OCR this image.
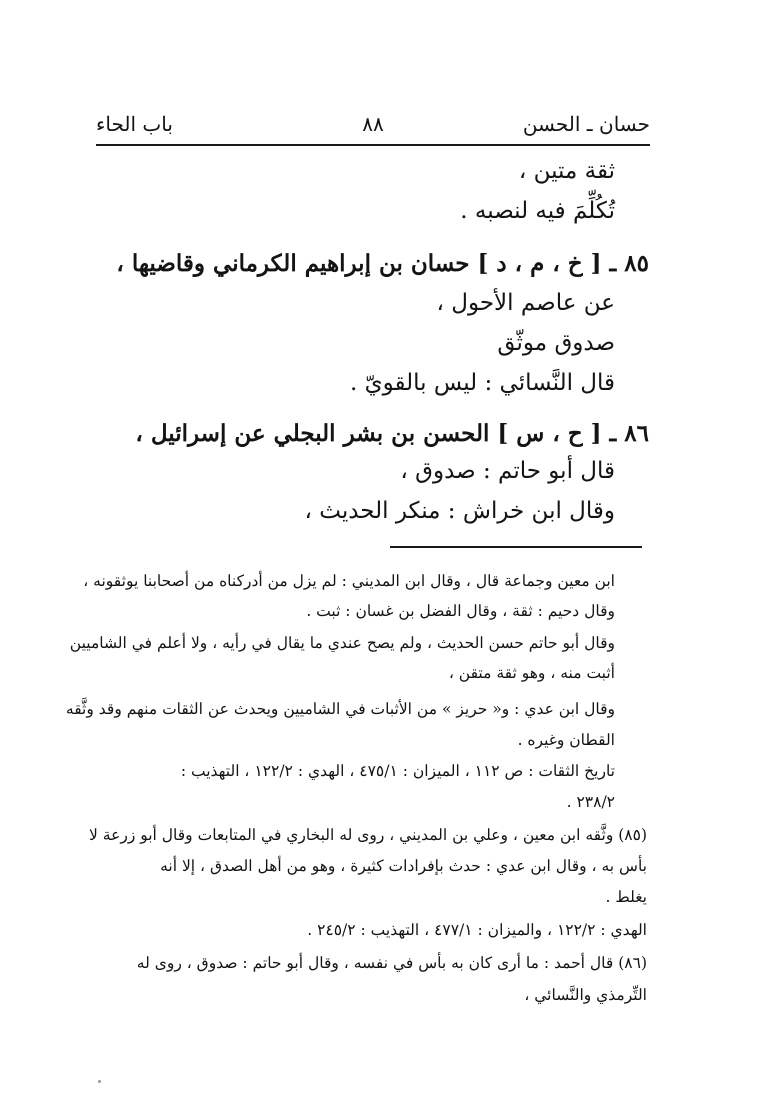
حسان ـ الحسن
٨٨
باب الحاء
ثقة متين ،
تُكُلِّمَ فيه لنصبه .
٨٥ ـ [ خ ، م ، د ] حسان بن إبراهيم الكرماني وقاضيها ،
عن عاصم الأحول ،
صدوق موثّق
قال النَّسائي : ليس بالقويّ .
٨٦ ـ [ ح ، س ] الحسن بن بشر البجلي عن إسرائيل ،
قال أبو حاتم : صدوق ،
وقال ابن خراش : منكر الحديث ،
ابن معين وجماعة قال ، وقال ابن المديني : لم يزل من أدركناه من أصحابنا يوثقونه ،
وقال دحيم : ثقة ، وقال الفضل بن غسان : ثبت .
وقال أبو حاتم حسن الحديث ، ولم يصح عندي ما يقال في رأيه ، ولا أعلم في الشاميين
أثبت منه ، وهو ثقة متقن ،
وقال ابن عدي : و« حريز » من الأثبات في الشاميين ويحدث عن الثقات منهم وقد وثَّقه
القطان وغيره .
تاريخ الثقات : ص ١١٢ ، الميزان : ٤٧٥/١ ، الهدي : ١٢٢/٢ ، التهذيب :
٢٣٨/٢ .
(٨٥) وثَّقه ابن معين ، وعلي بن المديني ، روى له البخاري في المتابعات وقال أبو زرعة لا
بأس به ، وقال ابن عدي : حدث بإفرادات كثيرة ، وهو من أهل الصدق ، إلا أنه
يغلط .
الهدي : ١٢٢/٢ ، والميزان : ٤٧٧/١ ، التهذيب : ٢٤٥/٢ .
(٨٦) قال أحمد : ما أرى كان به بأس في نفسه ، وقال أبو حاتم : صدوق ، روى له
التِّرمذي والنَّسائي ،
